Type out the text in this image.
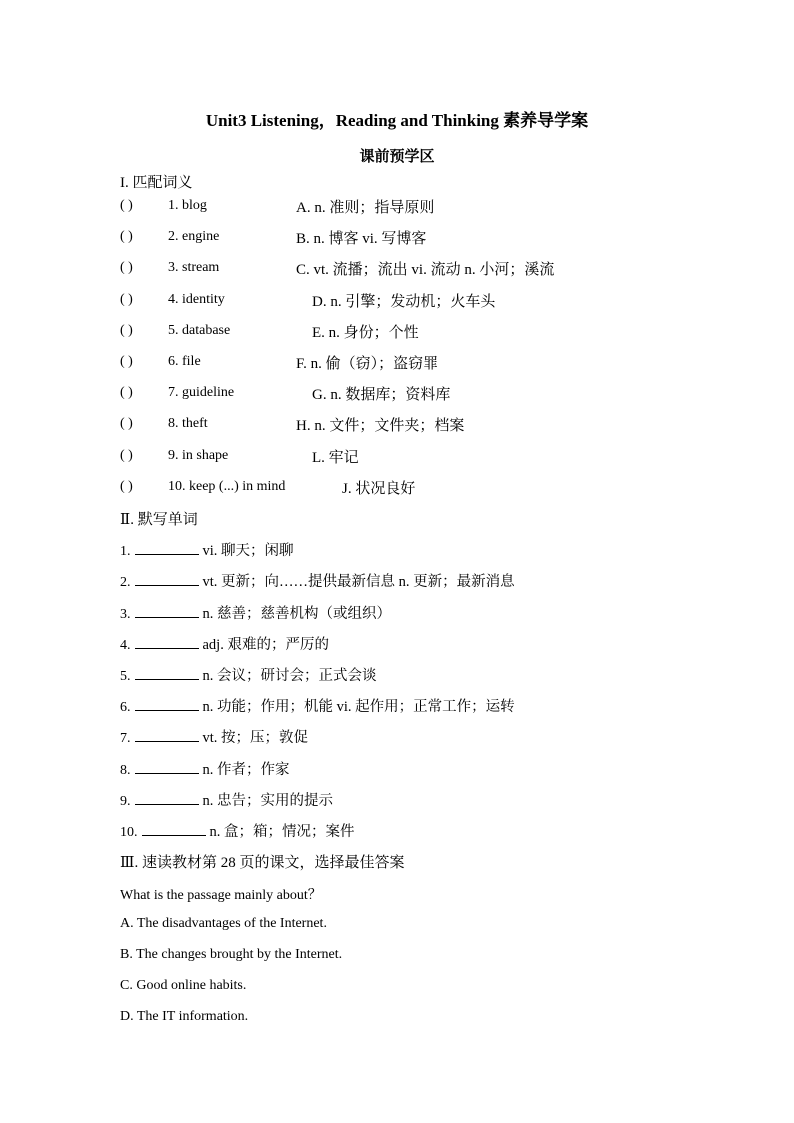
Unit3 Listening，Reading and Thinking 素养导学案
课前预学区
I. 匹配词义
( )	1. blog	A. n. 准则；指导原则
( )	2. engine	B. n. 博客 vi. 写博客
( )	3. stream	C. vt. 流播；流出 vi. 流动 n. 小河；溪流
( )	4. identity	D. n. 引擎；发动机；火车头
( )	5. database	E. n. 身份；个性
( )	6. file	F. n. 偷（窃）；盗窃罪
( )	7. guideline	G. n. 数据库；资料库
( )	8. theft	H. n. 文件；文件夹；档案
( )	9. in shape	L. 牢记
( )	10. keep (...) in mind	J. 状况良好
Ⅱ. 默写单词
1.	vi. 聊天；闲聊
2.	vt. 更新；向……提供最新信息 n. 更新；最新消息
3.	n. 慈善；慈善机构（或组织）
4.	adj. 艰难的；严厉的
5.	n. 会议；研讨会；正式会谈
6.	n. 功能；作用；机能 vi. 起作用；正常工作；运转
7.	vt. 按；压；敦促
8.	n. 作者；作家
9.	n. 忠告；实用的提示
10.	n. 盒；箱；情况；案件
Ⅲ. 速读教材第 28 页的课文，选择最佳答案
What is the passage mainly about？
A. The disadvantages of the Internet.
B. The changes brought by the Internet.
C. Good online habits.
D. The IT information.
